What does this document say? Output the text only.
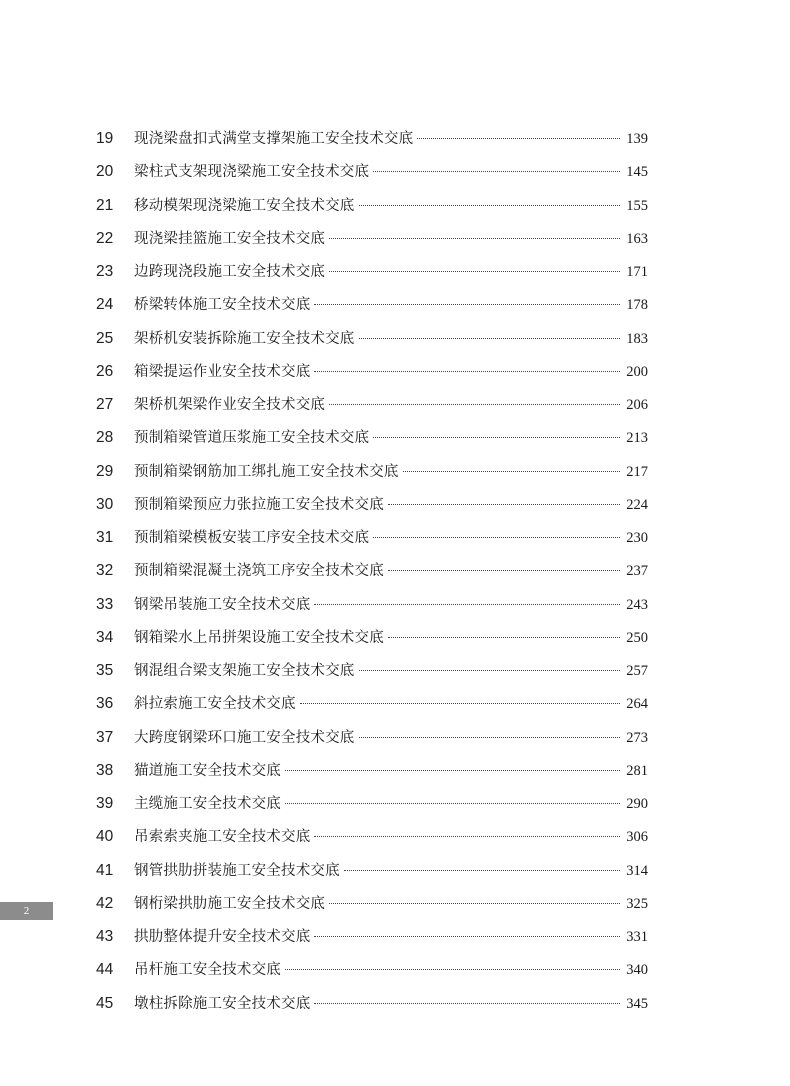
19	现浇梁盘扣式满堂支撑架施工安全技术交底	139
20	梁柱式支架现浇梁施工安全技术交底	145
21	移动模架现浇梁施工安全技术交底	155
22	现浇梁挂篮施工安全技术交底	163
23	边跨现浇段施工安全技术交底	171
24	桥梁转体施工安全技术交底	178
25	架桥机安装拆除施工安全技术交底	183
26	箱梁提运作业安全技术交底	200
27	架桥机架梁作业安全技术交底	206
28	预制箱梁管道压浆施工安全技术交底	213
29	预制箱梁钢筋加工绑扎施工安全技术交底	217
30	预制箱梁预应力张拉施工安全技术交底	224
31	预制箱梁模板安装工序安全技术交底	230
32	预制箱梁混凝土浇筑工序安全技术交底	237
33	钢梁吊装施工安全技术交底	243
34	钢箱梁水上吊拼架设施工安全技术交底	250
35	钢混组合梁支架施工安全技术交底	257
36	斜拉索施工安全技术交底	264
37	大跨度钢梁环口施工安全技术交底	273
38	猫道施工安全技术交底	281
39	主缆施工安全技术交底	290
40	吊索索夹施工安全技术交底	306
41	钢管拱肋拼装施工安全技术交底	314
42	钢桁梁拱肋施工安全技术交底	325
43	拱肋整体提升安全技术交底	331
44	吊杆施工安全技术交底	340
45	墩柱拆除施工安全技术交底	345
2
